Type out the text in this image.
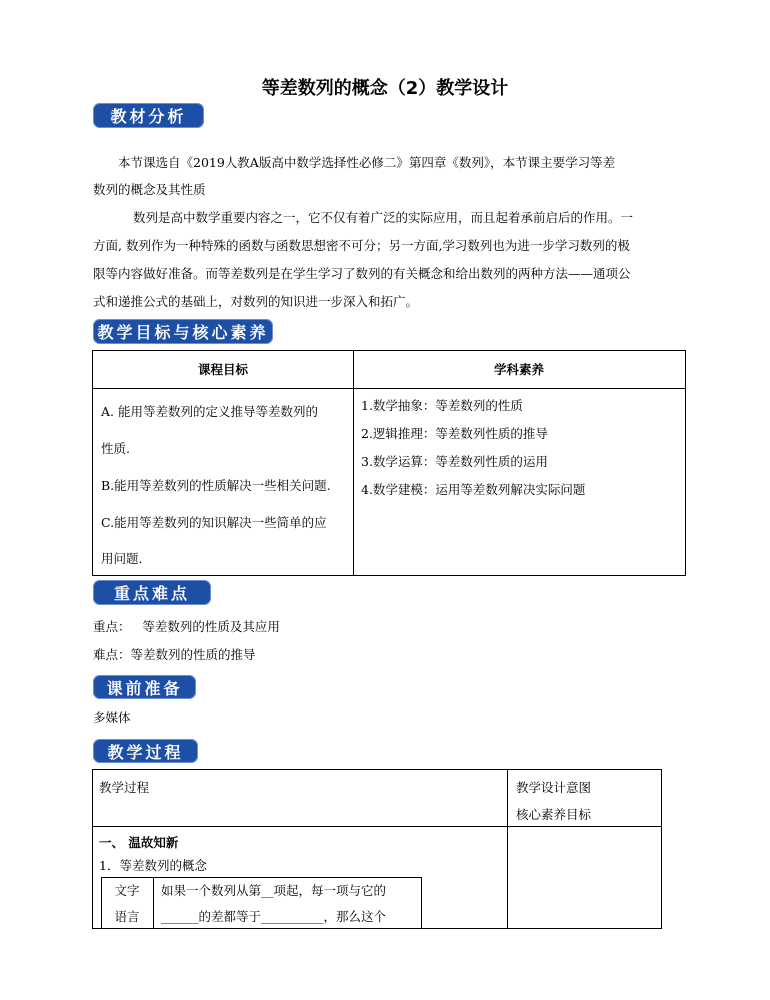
等差数列的概念（2）教学设计
教材分析
本节课选自《2019人教A版高中数学选择性必修二》第四章《数列》，本节课主要学习等差
数列的概念及其性质
数列是高中数学重要内容之一，它不仅有着广泛的实际应用，而且起着承前启后的作用。一
方面, 数列作为一种特殊的函数与函数思想密不可分；另一方面,学习数列也为进一步学习数列的极
限等内容做好准备。而等差数列是在学生学习了数列的有关概念和给出数列的两种方法——通项公
式和递推公式的基础上，对数列的知识进一步深入和拓广。
教学目标与核心素养
课程目标	学科素养
A. 能用等差数列的定义推导等差数列的
性质.
B.能用等差数列的性质解决一些相关问题.
C.能用等差数列的知识解决一些简单的应
用问题.
1.数学抽象：等差数列的性质
2.逻辑推理：等差数列性质的推导
3.数学运算：等差数列性质的运用
4.数学建模：运用等差数列解决实际问题
重点难点
重点：   等差数列的性质及其应用
难点：等差数列的性质的推导
课前准备
多媒体
教学过程
教学过程	教学设计意图
核心素养目标
一、 温故知新
1．等差数列的概念
文字
语言
如果一个数列从第__项起，每一项与它的
______的差都等于__________，那么这个
